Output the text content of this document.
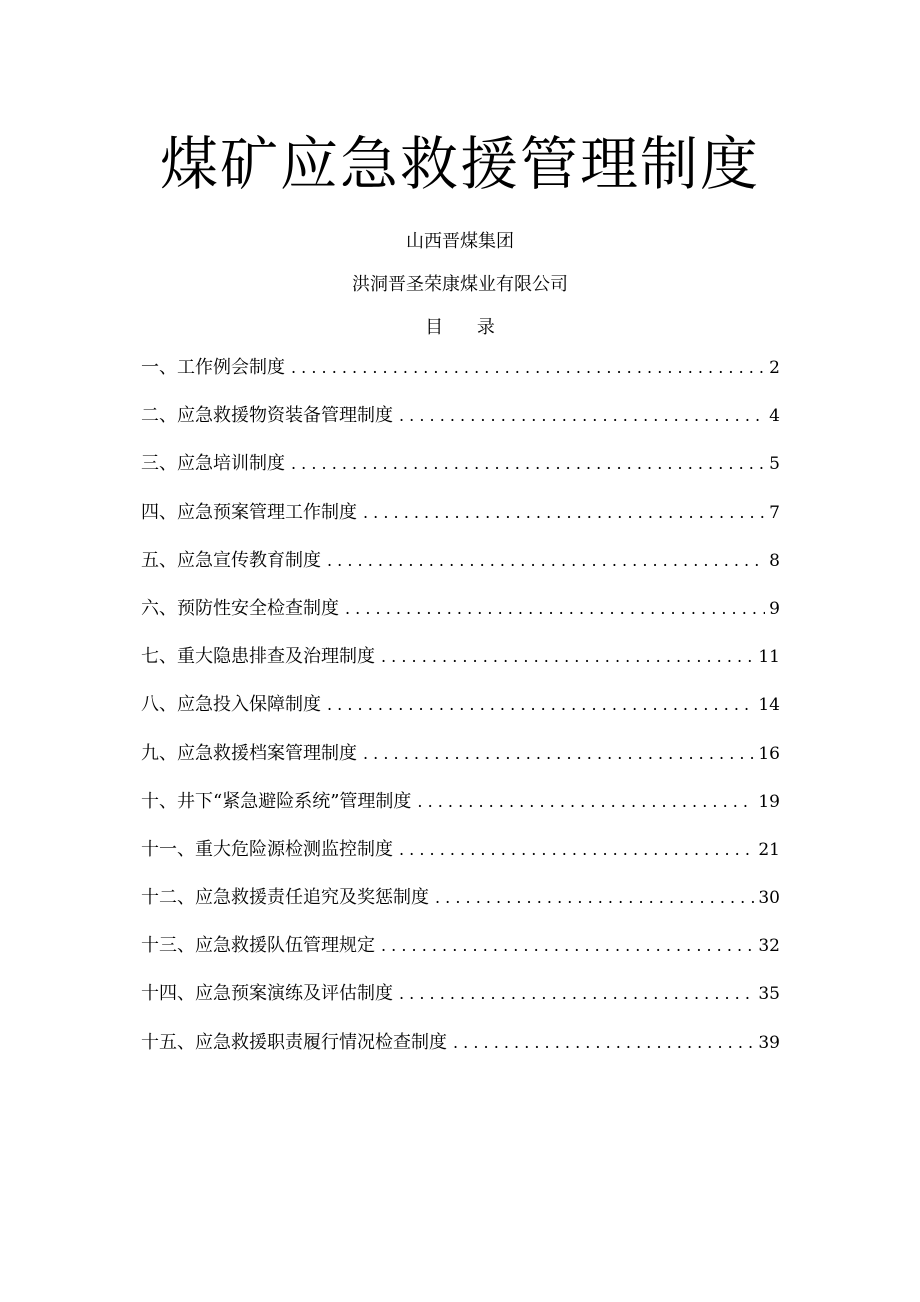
煤矿应急救援管理制度
山西晋煤集团
洪洞晋圣荣康煤业有限公司
目 录
一、工作例会制度 . . .	2
二、应急救援物资装备管理制度 . . .	4
三、应急培训制度 . . .	5
四、应急预案管理工作制度 . . .	7
五、应急宣传教育制度 . . .	8
六、预防性安全检查制度 . . .	9
七、重大隐患排查及治理制度 . . .	11
八、应急投入保障制度 . . .	14
九、应急救援档案管理制度 . . .	16
十、井下“紧急避险系统”管理制度 . . .	19
十一、重大危险源检测监控制度 . . .	21
十二、应急救援责任追究及奖惩制度 . . .	30
十三、应急救援队伍管理规定 . . .	32
十四、应急预案演练及评估制度 . . .	35
十五、应急救援职责履行情况检查制度 . . .	39
